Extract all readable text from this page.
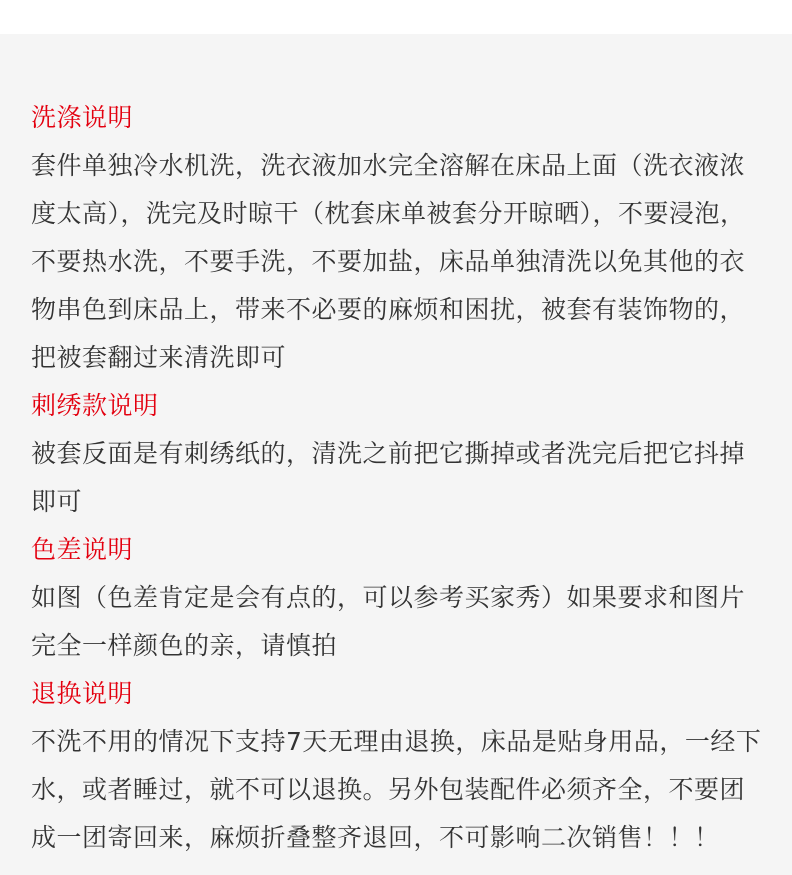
洗涤说明

套件单独冷水机洗，洗衣液加水完全溶解在床品上面（洗衣液浓度太高），洗完及时晾干（枕套床单被套分开晾晒），不要浸泡，不要热水洗，不要手洗，不要加盐，床品单独清洗以免其他的衣物串色到床品上，带来不必要的麻烦和困扰，被套有装饰物的，把被套翻过来清洗即可

刺绣款说明

被套反面是有刺绣纸的，清洗之前把它撕掉或者洗完后把它抖掉即可

色差说明

如图（色差肯定是会有点的，可以参考买家秀）如果要求和图片完全一样颜色的亲，请慎拍

退换说明

不洗不用的情况下支持7天无理由退换，床品是贴身用品，一经下水，或者睡过，就不可以退换。另外包装配件必须齐全，不要团成一团寄回来，麻烦折叠整齐退回，不可影响二次销售！！！
